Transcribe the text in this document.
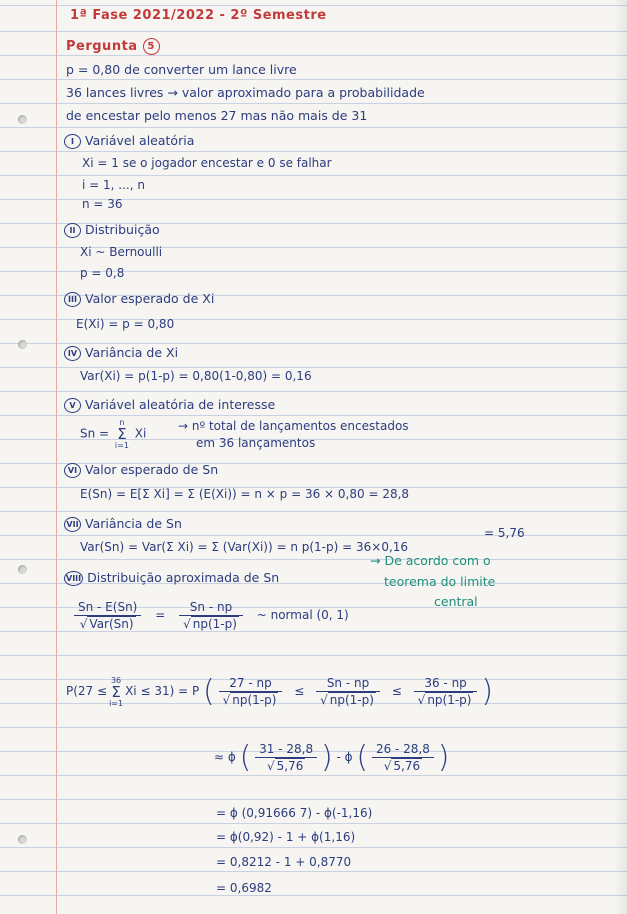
1ª Fase 2021/2022 - 2º Semestre
Pergunta 5
p = 0,80 de converter um lance livre
36 lances livres → valor aproximado para a probabilidade
de encestar pelo menos 27 mas não mais de 31
I Variável aleatória
Xi = 1 se o jogador encestar e 0 se falhar
i = 1, ..., n
n = 36
II Distribuição
Xi ~ Bernoulli
p = 0,8
III Valor esperado de Xi
E(Xi) = p = 0,80
IV Variância de Xi
Var(Xi) = p(1-p) = 0,80(1-0,80) = 0,16
V Variável aleatória de interesse
Sn = n
Σ
i=1 Xi
→ nº total de lançamentos encestados
em 36 lançamentos
VI Valor esperado de Sn
E(Sn) = E[Σ Xi] = Σ (E(Xi)) = n × p = 36 × 0,80 = 28,8
VII Variância de Sn
Var(Sn) = Var(Σ Xi) = Σ (Var(Xi)) = n p(1-p) = 36×0,16
= 5,76
VIII Distribuição aproximada de Sn
→ De acordo com o
teorema do limite
central
$\frac{Sn - E(Sn)}{\text{√ Var(Sn)}} = \frac{Sn - np}{√ np(1-p)}$ ~ normal (0, 1)
P(27 ≤36
Σ
i=1Xi ≤ 31) = P ( $\frac{27 - np}{√ np(1-p)} \le \frac{Sn - np}{√ np(1-p)} \le \frac{36 - np}{√ np(1-p)}$ )
≈ ϕ ( $\frac{31 - 28,8}{√ 5,76}$ ) - ϕ ( $\frac{26 - 28,8}{√ 5,76}$ )
= ϕ (0,91666 7) - ϕ(-1,16)
= ϕ(0,92) - 1 + ϕ(1,16)
= 0,8212 - 1 + 0,8770
= 0,6982
